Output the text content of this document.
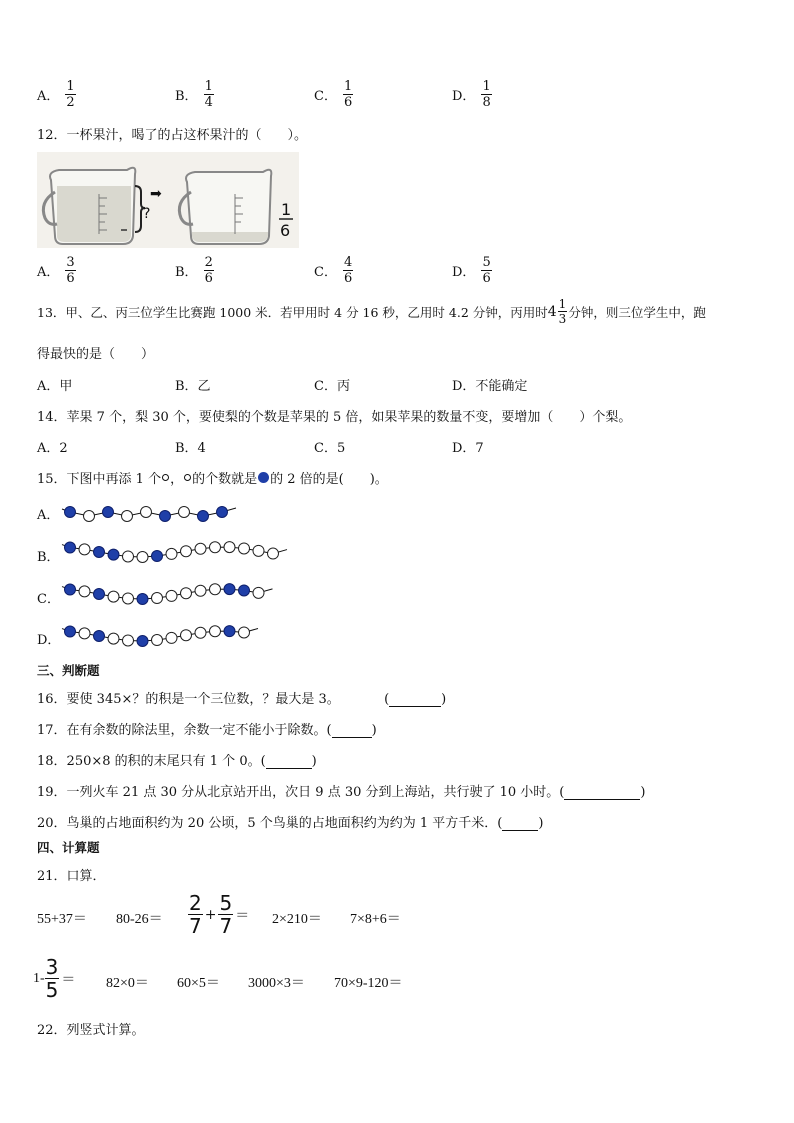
A． $\frac{1}{2}$	B． $\frac{1}{4}$	C． $\frac{1}{6}$	D． $\frac{1}{8}$
12．一杯果汁，喝了的占这杯果汁的（　　）。
?
➡
1
6
A． $\frac{3}{6}$	B． $\frac{2}{6}$	C． $\frac{4}{6}$	D． $\frac{5}{6}$
13．甲、乙、丙三位学生比赛跑 1000 米．若甲用时 4 分 16 秒，乙用时 4.2 分钟，丙用时 $4 \frac{1}{3}$ 分钟，则三位学生中，跑
得最快的是（　　）
A．甲	B．乙	C．丙	D．不能确定
14．苹果 7 个，梨 30 个，要使梨的个数是苹果的 5 倍，如果苹果的数量不变，要增加（　　）个梨。
A．2	B．4	C．5	D．7
15．下图中再添 1 个 ， 的个数就是 的 2 倍的是(　　)。
A．
B．
C．
D．
三、判断题
16．要使 345×？的积是一个三位数，？最大是 3。	(	)
17．在有余数的除法里，余数一定不能小于除数。(	)
18．250×8 的积的末尾只有 1 个 0。(	)
19．一列火车 21 点 30 分从北京站开出，次日 9 点 30 分到上海站，共行驶了 10 小时。(	)
20．鸟巢的占地面积约为 20 公顷，5 个鸟巢的占地面积约为约为 1 平方千米．(	)
四、计算题
21．口算．
$55+37= 80-26= \frac{2}{7} + \frac{5}{7} = 2\times 210= 7\times 8+6=$
$1- \frac{3}{5} = 82\times 0= 60\times 5= 3000\times 3= 70\times 9-120=$
22．列竖式计算。
